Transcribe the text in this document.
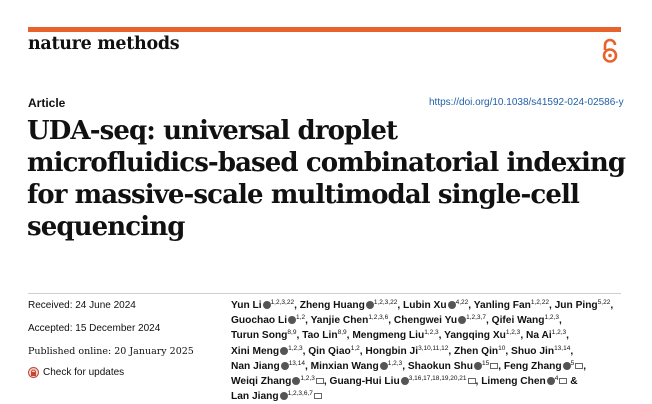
nature methods
Article	https://doi.org/10.1038/s41592-024-02586-y
UDA-seq: universal droplet
microfluidics-based combinatorial indexing
for massive-scale multimodal single-cell
sequencing
Received: 24 June 2024
Accepted: 15 December 2024
Published online: 20 January 2025
Check for updates
Yun Li $^{1,2,3,22}$, Zheng Huang $^{1,2,3,22}$, Lubin Xu $^{4,22}$, Yanling Fan$^{1,2,22}$, Jun Ping$^{5,22}$,
Guochao Li $^{1,2}$, Yanjie Chen$^{1,2,3,6}$, Chengwei Yu $^{1,2,3,7}$, Qifei Wang$^{1,2,3}$,
Turun Song$^{8,9}$, Tao Lin$^{8,9}$, Mengmeng Liu$^{1,2,3}$, Yangqing Xu$^{1,2,3}$, Na Ai$^{1,2,3}$,
Xini Meng $^{1,2,3}$, Qin Qiao$^{1,2}$, Hongbin Ji$^{3,10,11,12}$, Zhen Qin$^{10}$, Shuo Jin$^{13,14}$,
Nan Jiang $^{13,14}$, Minxian Wang $^{1,2,3}$, Shaokun Shu $^{15}$ , Feng Zhang $^5$ ,
Weiqi Zhang $^{1,2,3}$ , Guang-Hui Liu $^{3,16,17,18,19,20,21}$ , Limeng Chen $^4$ &
Lan Jiang $^{1,2,3,6,7}$
